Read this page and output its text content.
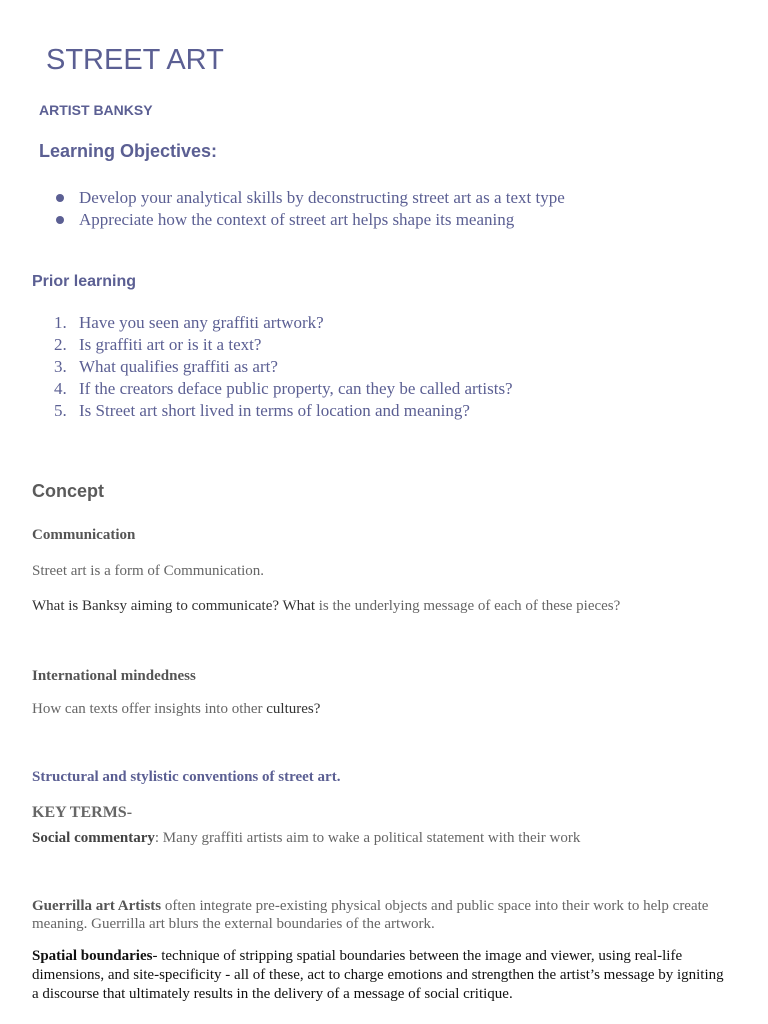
STREET ART
ARTIST BANKSY
Learning Objectives:
Develop your analytical skills by deconstructing street art as a text type
Appreciate how the context of street art helps shape its meaning
Prior learning
1. Have you seen any graffiti artwork?
2. Is graffiti art or is it a text?
3. What qualifies graffiti as art?
4. If the creators deface public property, can they be called artists?
5. Is Street art short lived in terms of location and meaning?
Concept
Communication

Street art is a form of Communication.

What is Banksy aiming to communicate? What is the underlying message of each of these pieces?

International mindedness

How can texts offer insights into other cultures?

Structural and stylistic conventions of street art.
KEY TERMS-

Social commentary: Many graffiti artists aim to wake a political statement with their work

Guerrilla art Artists often integrate pre-existing physical objects and public space into their work to help create meaning. Guerrilla art blurs the external boundaries of the artwork.

Spatial boundaries- technique of stripping spatial boundaries between the image and viewer, using real-life dimensions, and site-specificity - all of these, act to charge emotions and strengthen the artist’s message by igniting a discourse that ultimately results in the delivery of a message of social critique.
